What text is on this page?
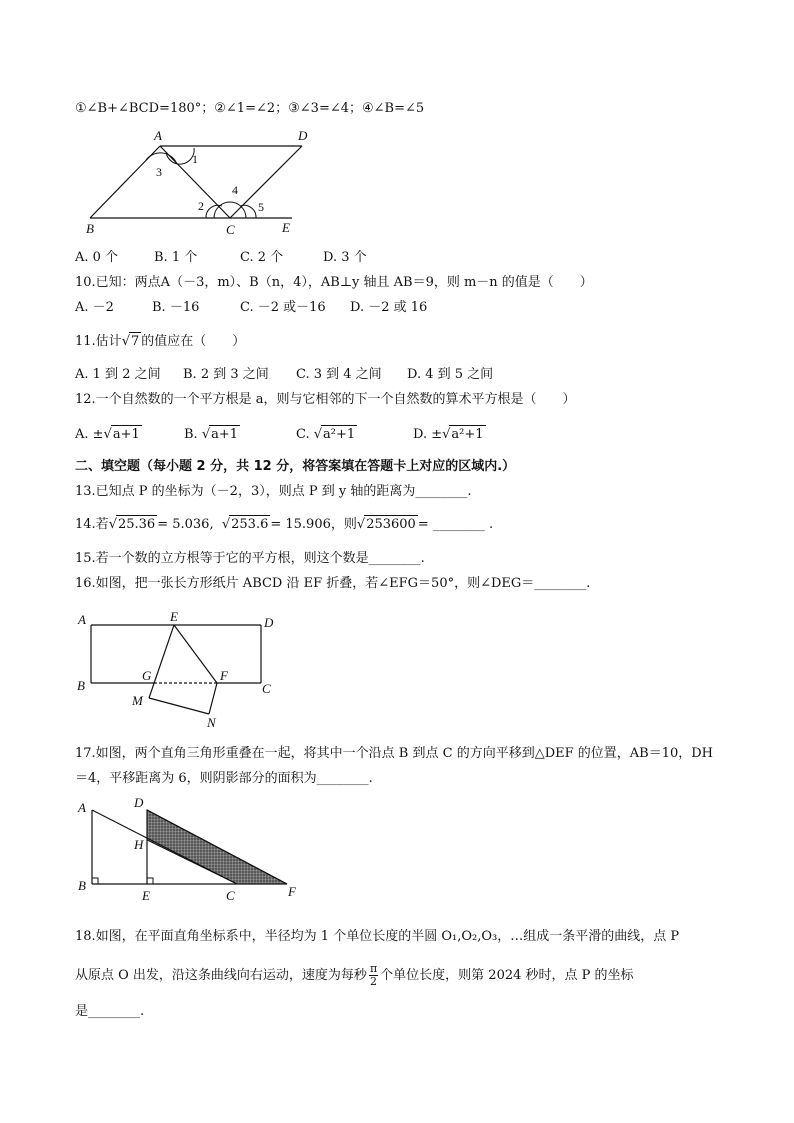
①∠B+∠BCD=180°；②∠1=∠2；③∠3=∠4；④∠B=∠5
A	D
1
3
4
2	5
B	C	E
A. 0 个	B. 1 个	C. 2 个	D. 3 个
10.已知：两点A（－3，m）、B（n，4），AB⊥y 轴且 AB＝9，则 m－n 的值是（　　）
A. －2	B. －16	C. －2 或－16 D. －2 或 16
11.估计√7 的值应在（　　）
A. 1 到 2 之间 B. 2 到 3 之间 C. 3 到 4 之间 D. 4 到 5 之间
12.一个自然数的一个平方根是 a，则与它相邻的下一个自然数的算术平方根是（　　）
A. ±√a+1	B. √a+1	C. √a²+1	D. ±√a²+1
二、填空题（每小题 2 分，共 12 分，将答案填在答题卡上对应的区域内.）
13.已知点 P 的坐标为（－2，3），则点 P 到 y 轴的距离为________.
14.若√25.36 = 5.036,  √253.6 = 15.906，则√253600 = ________ .
15.若一个数的立方根等于它的平方根，则这个数是________.
16.如图，把一张长方形纸片 ABCD 沿 EF 折叠，若∠EFG＝50°，则∠DEG＝________.
A	E	D
G	F
B	C
M
N
17.如图，两个直角三角形重叠在一起，将其中一个沿点 B 到点 C 的方向平移到△DEF 的位置，AB＝10，DH
＝4，平移距离为 6，则阴影部分的面积为________.
A	D
H
B
E	C	F
18.如图，在平面直角坐标系中，半径均为 1 个单位长度的半圆 O₁,O₂,O₃，…组成一条平滑的曲线，点 P
从原点 O 出发，沿这条曲线向右运动，速度为每秒 $\frac{\pi}{2}$ 个单位长度，则第 2024 秒时，点 P 的坐标
是________.
